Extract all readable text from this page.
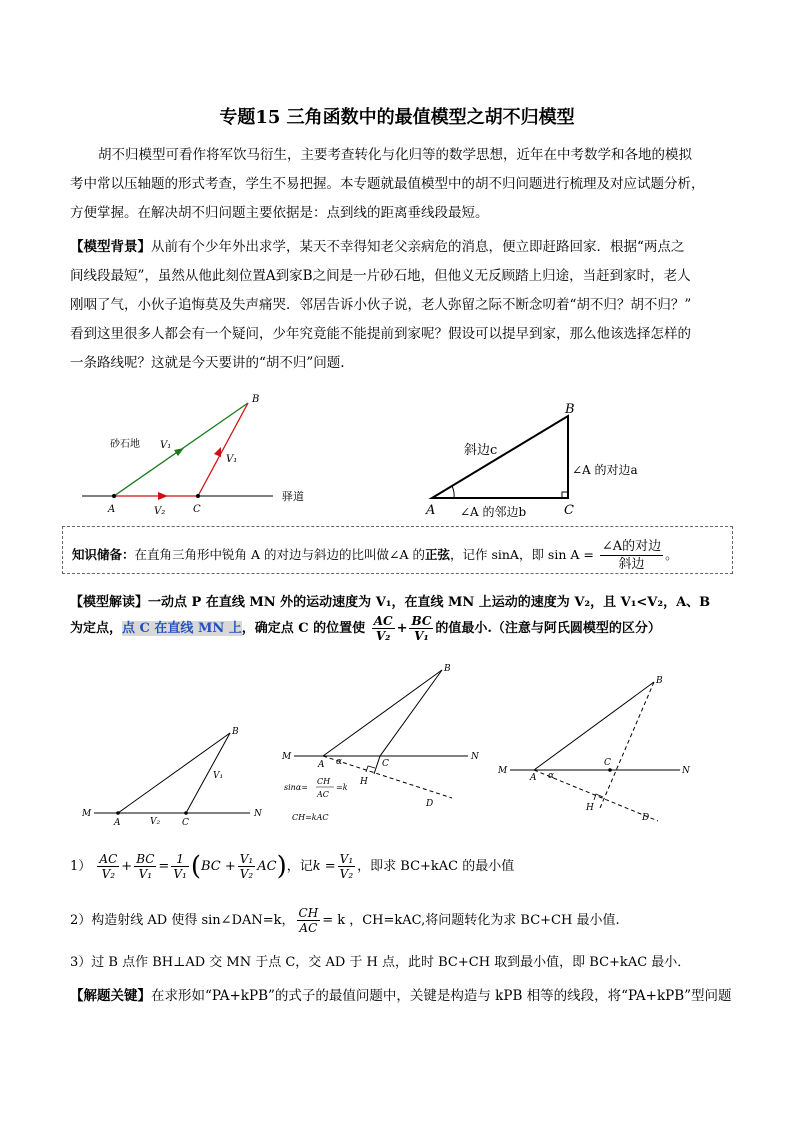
专题15 三角函数中的最值模型之胡不归模型
胡不归模型可看作将军饮马衍生，主要考查转化与化归等的数学思想，近年在中考数学和各地的模拟
考中常以压轴题的形式考查，学生不易把握。本专题就最值模型中的胡不归问题进行梳理及对应试题分析，
方便掌握。在解决胡不归问题主要依据是：点到线的距离垂线段最短。
【模型背景】从前有个少年外出求学，某天不幸得知老父亲病危的消息，便立即赶路回家．根据“两点之
间线段最短”，虽然从他此刻位置A到家B之间是一片砂石地，但他义无反顾踏上归途，当赶到家时，老人
刚咽了气，小伙子追悔莫及失声痛哭．邻居告诉小伙子说，老人弥留之际不断念叨着“胡不归？胡不归？”
看到这里很多人都会有一个疑问，少年究竟能不能提前到家呢？假设可以提早到家，那么他该选择怎样的
一条路线呢？这就是今天要讲的“胡不归”问题.
B
A	C
V₁
V₁
V₂
砂石地
驿道
B
A	C
斜边c
∠A 的对边a
∠A 的邻边b
知识储备：在直角三角形中锐角 A 的对边与斜边的比叫做∠A 的正弦，记作 sinA，即 $\sin A = \frac{\text{∠A的对边}}{\text{斜边}}$ 。
【模型解读】一动点 P 在直线 MN 外的运动速度为 V₁，在直线 MN 上运动的速度为 V₂，且 V₁<V₂，A、B
为定点，点 C 在直线 MN 上，确定点 C 的位置使 $\frac{AC}{\text{V₂}} + \frac{BC}{\text{V₁}}$ 的值最小.（注意与阿氏圆模型的区分）
B
M	N
A	C
V₁
V₂
B
M	N
A	C
H
D
α
sinα=
CH
AC
=k
CH=kAC
B
M	N
A
C
H
D
α
$1) \frac{AC}{\text{V₂}} + \frac{BC}{\text{V₁}} = \frac{1}{\text{V₁}} (BC + \frac{\text{V₁}}{\text{V₂}} AC)$，记$k = \frac{\text{V₁}}{\text{V₂}}$ ，即求 BC+kAC 的最小值
2）构造射线 AD 使得 sin∠DAN=k， $\frac{CH}{AC} = k$ ，CH=kAC,将问题转化为求 BC+CH 最小值.
3）过 B 点作 BH⊥AD 交 MN 于点 C，交 AD 于 H 点，此时 BC+CH 取到最小值，即 BC+kAC 最小．
【解题关键】在求形如“PA+kPB”的式子的最值问题中，关键是构造与 kPB 相等的线段，将“PA+kPB”型问题
